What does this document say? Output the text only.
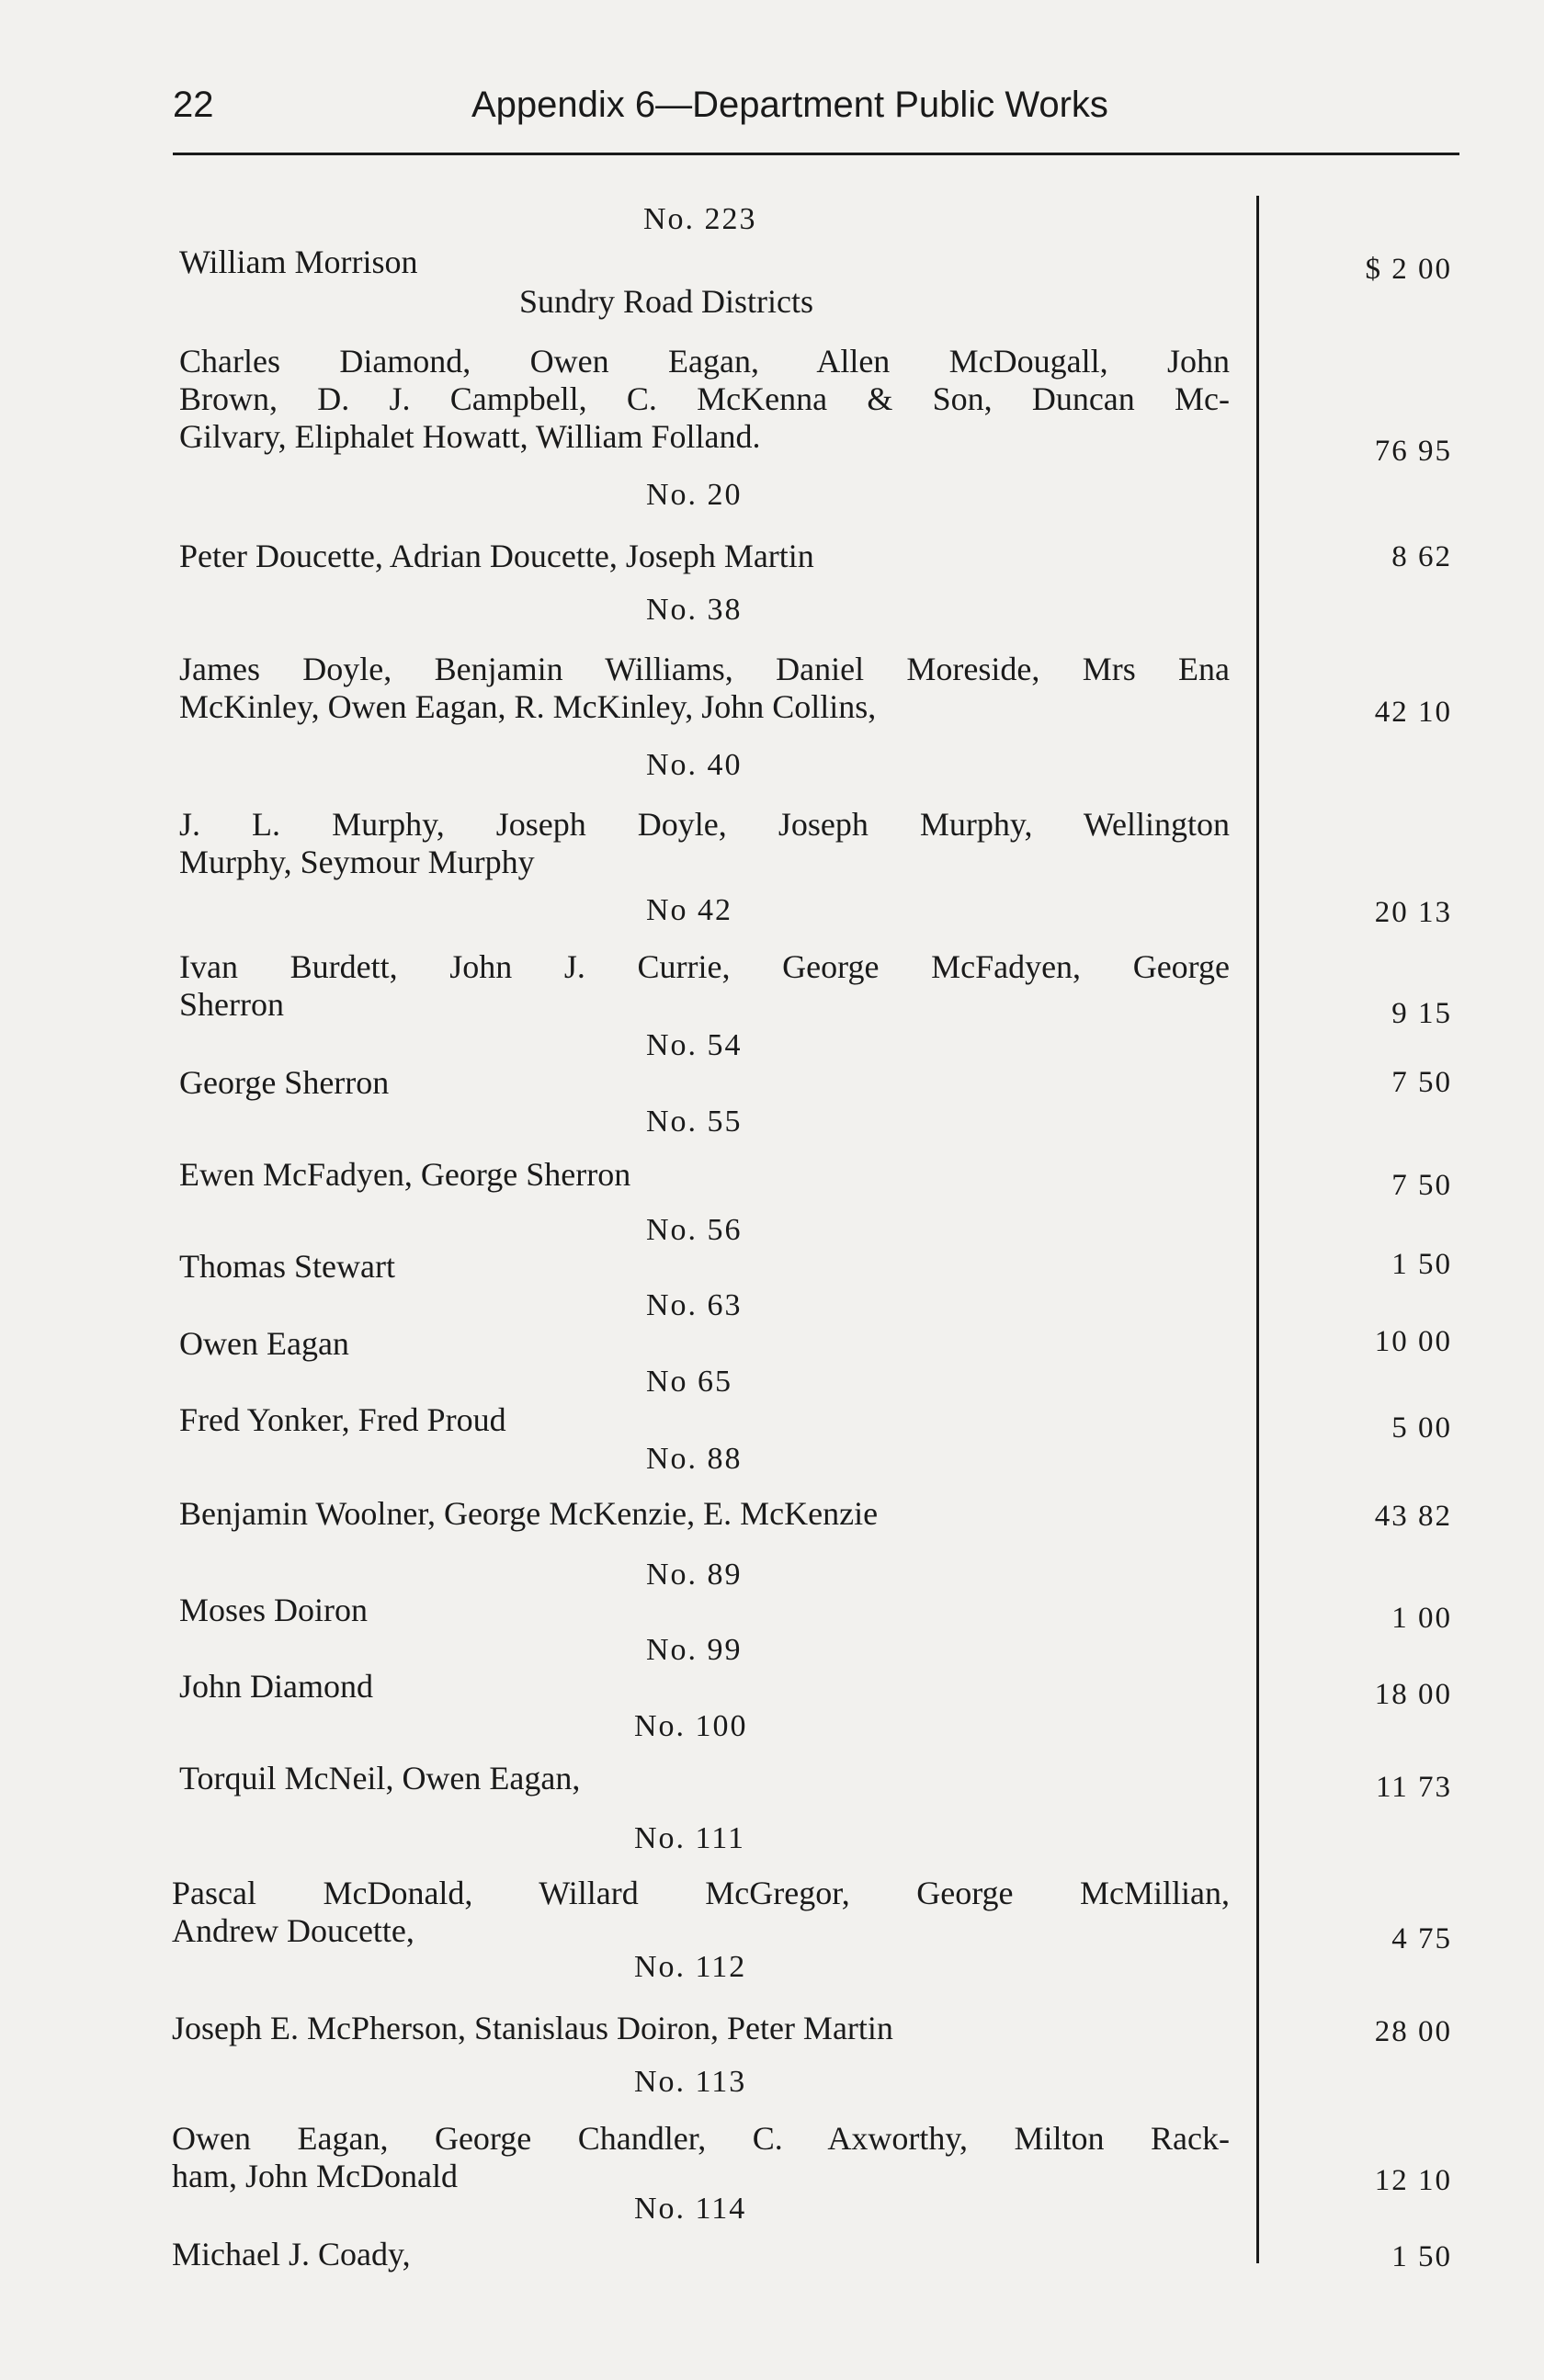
22	Appendix 6—Department Public Works
No. 223
William Morrison	$ 2 00
Sundry Road Districts
Charles Diamond, Owen Eagan, Allen McDougall, John
Brown, D. J. Campbell, C. McKenna & Son, Duncan Mc-
Gilvary, Eliphalet Howatt, William Folland.	76 95
No. 20
Peter Doucette, Adrian Doucette, Joseph Martin	8 62
No. 38
James Doyle, Benjamin Williams, Daniel Moreside, Mrs Ena
McKinley, Owen Eagan, R. McKinley, John Collins,	42 10
No. 40
J. L. Murphy, Joseph Doyle, Joseph Murphy, Wellington
Murphy, Seymour Murphy
No 42	20 13
Ivan Burdett, John J. Currie, George McFadyen, George
Sherron	9 15
No. 54
George Sherron	7 50
No. 55
Ewen McFadyen, George Sherron	7 50
No. 56
Thomas Stewart	1 50
No. 63
Owen Eagan	10 00
No 65
Fred Yonker, Fred Proud	5 00
No. 88
Benjamin Woolner, George McKenzie, E. McKenzie	43 82
No. 89
Moses Doiron	1 00
No. 99
John Diamond	18 00
No. 100
Torquil McNeil, Owen Eagan,	11 73
No. 111
Pascal McDonald, Willard McGregor, George McMillian,
Andrew Doucette,	4 75
No. 112
Joseph E. McPherson, Stanislaus Doiron, Peter Martin	28 00
No. 113
Owen Eagan, George Chandler, C. Axworthy, Milton Rack-
ham, John McDonald	12 10
No. 114
Michael J. Coady,	1 50
